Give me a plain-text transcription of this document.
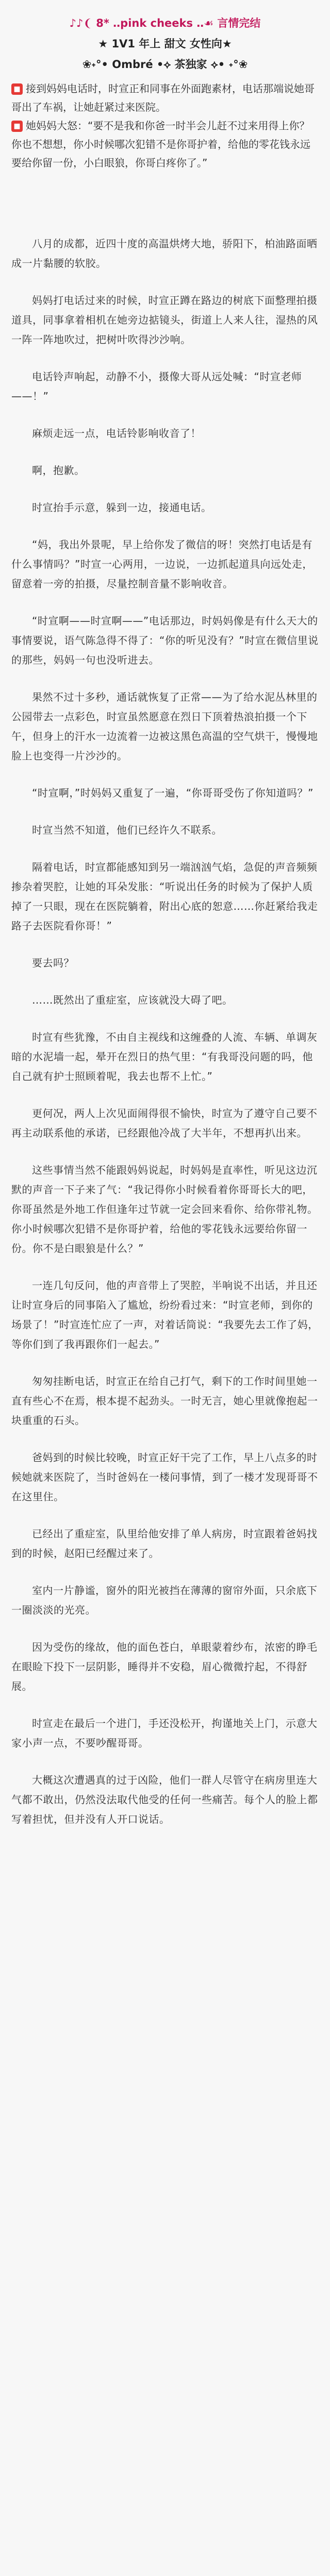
♪♪❨ 8* ‥pink cheeks ‥☙ 言情完结
★ 1V1 年上 甜文 女性向★
❀˖°• Ombré •⟡ 茶独家 ⟡• ˖°❀
■ 接到妈妈电话时，时宣正和同事在外面跑素材，电话那端说她哥哥出了车祸，让她赶紧过来医院。
■ 她妈妈大怒：“要不是我和你爸一时半会儿赶不过来用得上你？你也不想想，你小时候哪次犯错不是你哥护着，给他的零花钱永远要给你留一份，小白眼狼，你哥白疼你了。”

八月的成都，近四十度的高温烘烤大地，骄阳下，柏油路面晒成一片黏腰的软胶。

妈妈打电话过来的时候，时宣正蹲在路边的树底下面整理拍摄道具，同事拿着相机在她旁边掂镜头，街道上人来人往，湿热的风一阵一阵地吹过，把树叶吹得沙沙响。

电话铃声响起，动静不小，摄像大哥从远处喊：“时宣老师——！”

麻烦走远一点，电话铃影响收音了！

啊，抱歉。

时宣抬手示意，躲到一边，接通电话。

“妈，我出外景呢，早上给你发了微信的呀！突然打电话是有什么事情吗？”时宣一心两用，一边说，一边抓起道具向远处走，留意着一旁的拍摄，尽量控制音量不影响收音。

“时宣啊——时宣啊——”电话那边，时妈妈像是有什么天大的事情要说，语气陈急得不得了：“你的听见没有？”时宣在微信里说的那些，妈妈一句也没听进去。

果然不过十多秒，通话就恢复了正常——为了给水泥丛林里的公园带去一点彩色，时宣虽然愿意在烈日下顶着热浪拍摄一个下午，但身上的汗水一边流着一边被这黑色高温的空气烘干，慢慢地脸上也变得一片沙沙的。

“时宣啊，”时妈妈又重复了一遍，“你哥哥受伤了你知道吗？”

时宣当然不知道，他们已经许久不联系。

隔着电话，时宣都能感知到另一端汹汹气焰，急促的声音频频掺杂着哭腔，让她的耳朵发胀：“听说出任务的时候为了保护人质掉了一只眼，现在在医院躺着，附出心底的恕意……你赶紧给我走路子去医院看你哥！”

要去吗？

……既然出了重症室，应该就没大碍了吧。

时宣有些犹豫，不由自主视线和这缠叠的人流、车辆、单调灰暗的水泥墙一起，晕开在烈日的热气里：“有我哥没问题的吗，他自己就有护士照顾着呢，我去也帮不上忙。”

更何况，两人上次见面闹得很不愉快，时宣为了遵守自己要不再主动联系他的承诺，已经跟他冷战了大半年，不想再扒出来。

这些事情当然不能跟妈妈说起，时妈妈是直率性，听见这边沉默的声音一下子来了气：“我记得你小时候看着你哥哥长大的吧，你哥虽然是外地工作但逢年过节就一定会回来看你、给你带礼物。你小时候哪次犯错不是你哥护着，给他的零花钱永远要给你留一份。你不是白眼狼是什么？”

一连几句反问，他的声音带上了哭腔，半响说不出话，并且还让时宣身后的同事陷入了尴尬，纷纷看过来：“时宣老师，到你的场景了！”时宣连忙应了一声，对着话筒说：“我要先去工作了妈，等你们到了我再跟你们一起去。”

匆匆挂断电话，时宣正在给自己打气，剩下的工作时间里她一直有些心不在焉，根本提不起劲头。一时无言，她心里就像抱起一块重重的石头。

爸妈到的时候比较晚，时宣正好干完了工作，早上八点多的时候她就来医院了，当时爸妈在一楼问事情，到了一楼才发现哥哥不在这里住。

已经出了重症室，队里给他安排了单人病房，时宣跟着爸妈找到的时候，赵阳已经醒过来了。

室内一片静谧，窗外的阳光被挡在薄薄的窗帘外面，只余底下一圈淡淡的光亮。

因为受伤的缘故，他的面色苍白，单眼蒙着纱布，浓密的睁毛在眼睑下投下一层阴影，睡得并不安稳，眉心微微拧起，不得舒展。

时宣走在最后一个进门，手还没松开，拘谨地关上门，示意大家小声一点，不要吵醒哥哥。

大概这次遭遇真的过于凶险，他们一群人尽管守在病房里连大气都不敢出，仍然没法取代他受的任何一些痛苦。每个人的脸上都写着担忧，但并没有人开口说话。
